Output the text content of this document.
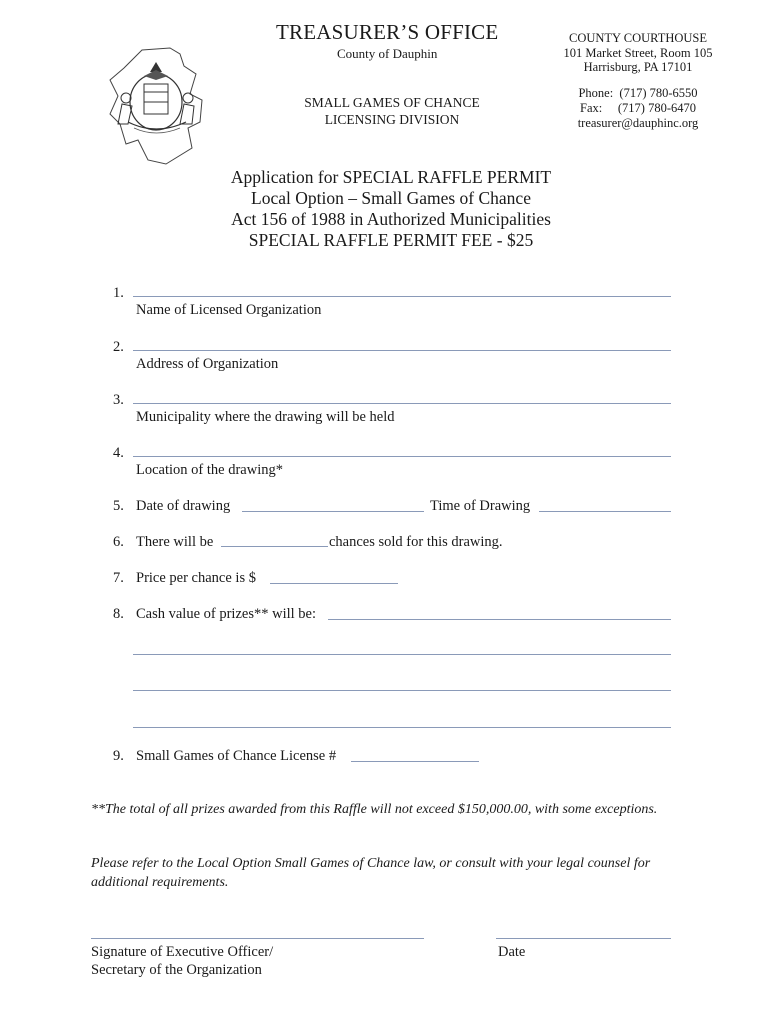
TREASURER’S OFFICE
County of Dauphin
SMALL GAMES OF CHANCE
LICENSING DIVISION
COUNTY COURTHOUSE
101 Market Street, Room 105
Harrisburg, PA 17101
Phone:  (717) 780-6550
Fax:     (717) 780-6470
treasurer@dauphinc.org
Application for SPECIAL RAFFLE PERMIT
Local Option – Small Games of Chance
Act 156 of 1988 in Authorized Municipalities
SPECIAL RAFFLE PERMIT FEE - $25
1.
Name of Licensed Organization
2.
Address of Organization
3.
Municipality where the drawing will be held
4.
Location of the drawing*
5. Date of drawing	Time of Drawing
6. There will be	chances sold for this drawing.
7. Price per chance is $
8. Cash value of prizes** will be:
9. Small Games of Chance License #
**The total of all prizes awarded from this Raffle will not exceed $150,000.00, with some exceptions.
Please refer to the Local Option Small Games of Chance law, or consult with your legal counsel for additional requirements.
Signature of Executive Officer/
Secretary of the Organization
Date
